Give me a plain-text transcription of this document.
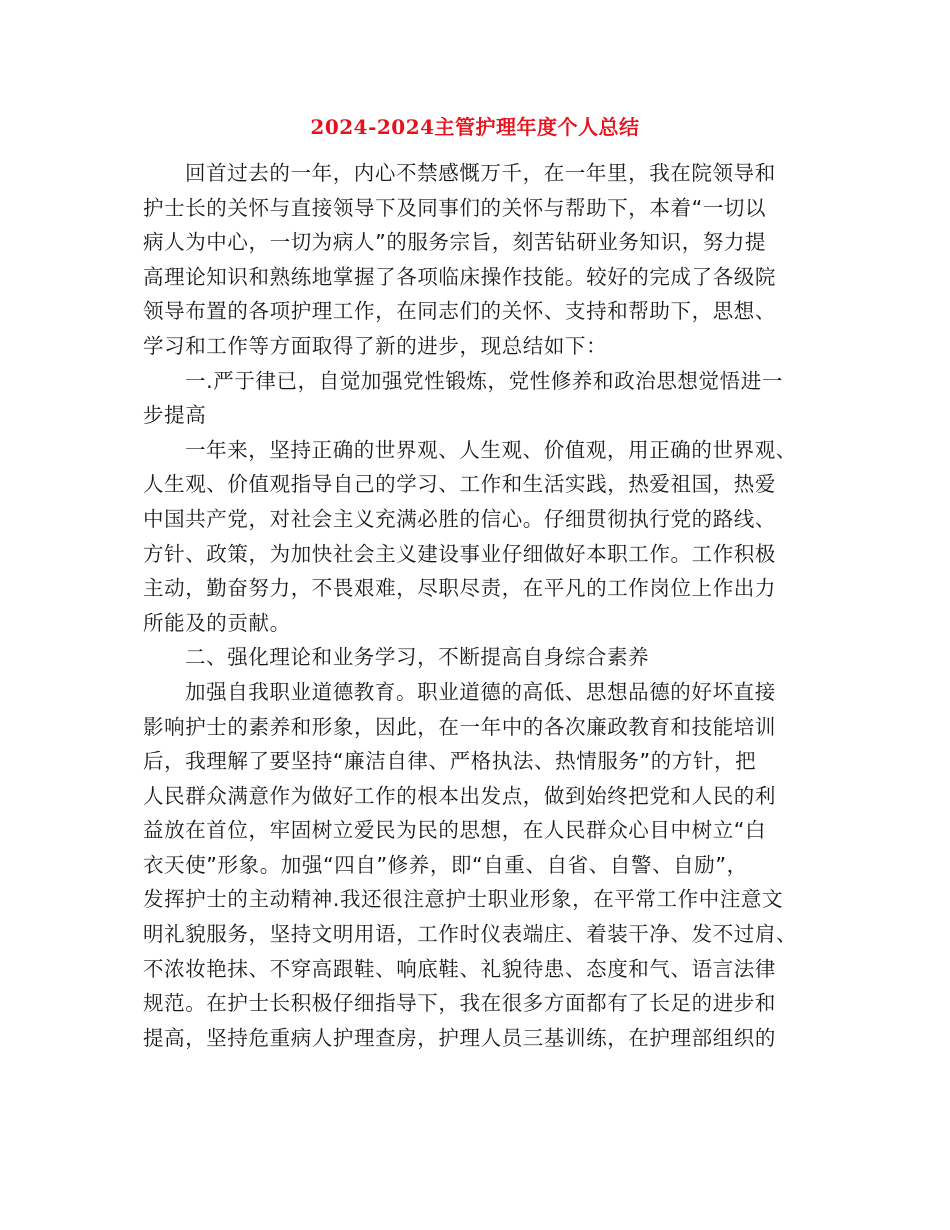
2024-2024主管护理年度个人总结
回首过去的一年，内心不禁感慨万千，在一年里，我在院领导和
护士长的关怀与直接领导下及同事们的关怀与帮助下，本着“一切以
病人为中心，一切为病人”的服务宗旨，刻苦钻研业务知识，努力提
高理论知识和熟练地掌握了各项临床操作技能。较好的完成了各级院
领导布置的各项护理工作，在同志们的关怀、支持和帮助下，思想、
学习和工作等方面取得了新的进步，现总结如下：
一.严于律已，自觉加强党性锻炼，党性修养和政治思想觉悟进一
步提高
一年来，坚持正确的世界观、人生观、价值观，用正确的世界观、
人生观、价值观指导自己的学习、工作和生活实践，热爱祖国，热爱
中国共产党，对社会主义充满必胜的信心。仔细贯彻执行党的路线、
方针、政策，为加快社会主义建设事业仔细做好本职工作。工作积极
主动，勤奋努力，不畏艰难，尽职尽责，在平凡的工作岗位上作出力
所能及的贡献。
二、强化理论和业务学习，不断提高自身综合素养
加强自我职业道德教育。职业道德的高低、思想品德的好坏直接
影响护士的素养和形象，因此，在一年中的各次廉政教育和技能培训
后，我理解了要坚持“廉洁自律、严格执法、热情服务”的方针，把
人民群众满意作为做好工作的根本出发点，做到始终把党和人民的利
益放在首位，牢固树立爱民为民的思想，在人民群众心目中树立“白
衣天使”形象。加强“四自”修养，即“自重、自省、自警、自励”，
发挥护士的主动精神.我还很注意护士职业形象，在平常工作中注意文
明礼貌服务，坚持文明用语，工作时仪表端庄、着装干净、发不过肩、
不浓妆艳抹、不穿高跟鞋、响底鞋、礼貌待患、态度和气、语言法律
规范。在护士长积极仔细指导下，我在很多方面都有了长足的进步和
提高，坚持危重病人护理查房，护理人员三基训练，在护理部组织的
